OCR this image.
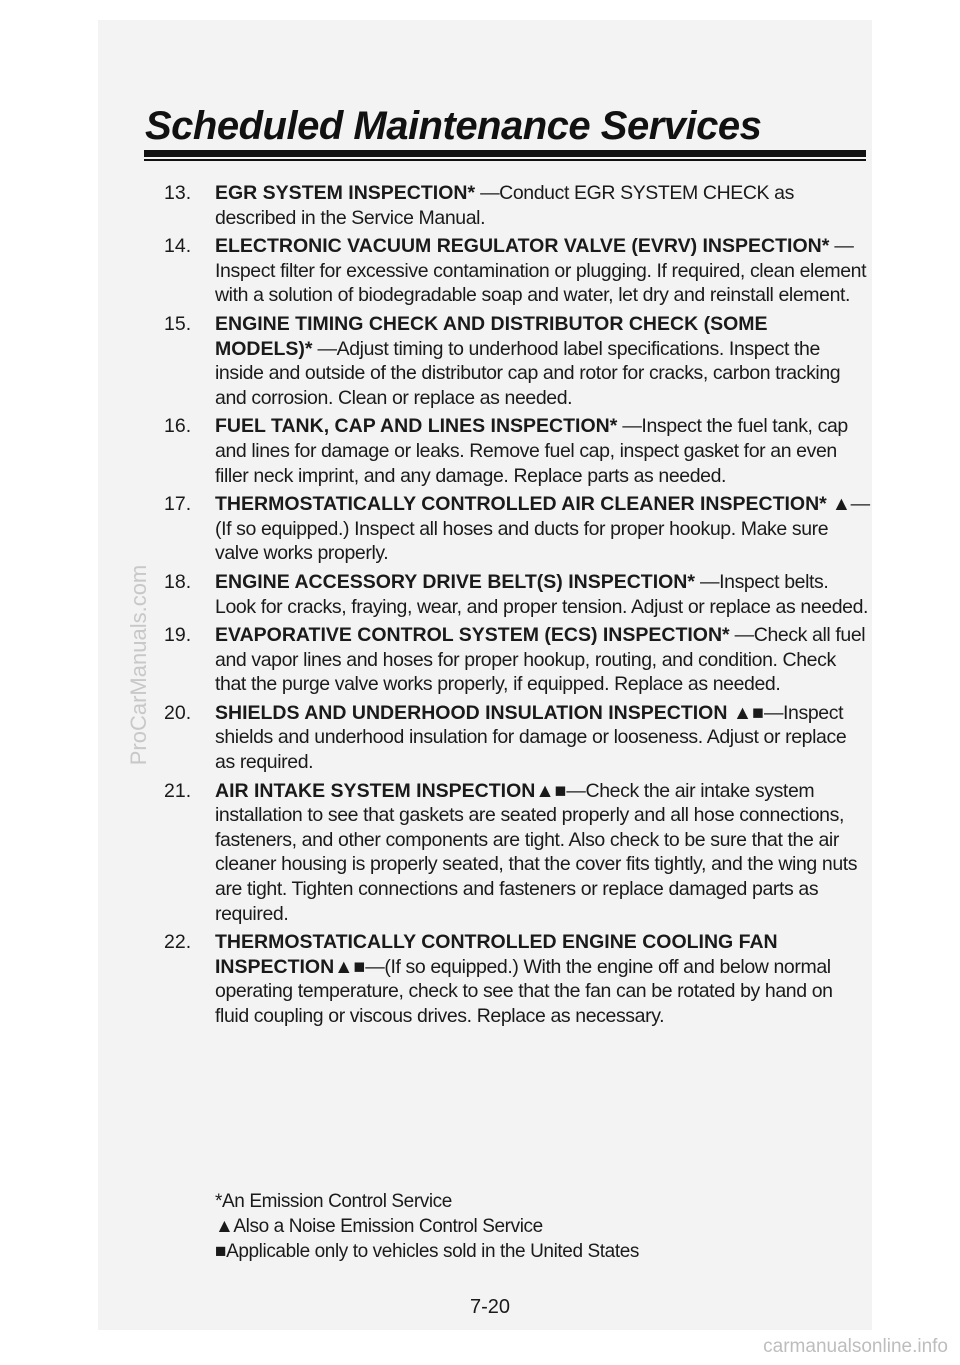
Scheduled Maintenance Services
13. EGR SYSTEM INSPECTION* —Conduct EGR SYSTEM CHECK as described in the Service Manual.
14. ELECTRONIC VACUUM REGULATOR VALVE (EVRV) INSPECTION* —Inspect filter for excessive contamination or plugging. If required, clean element with a solution of biodegradable soap and water, let dry and reinstall element.
15. ENGINE TIMING CHECK AND DISTRIBUTOR CHECK (SOME MODELS)* —Adjust timing to underhood label specifications. Inspect the inside and outside of the distributor cap and rotor for cracks, carbon tracking and corrosion. Clean or replace as needed.
16. FUEL TANK, CAP AND LINES INSPECTION* —Inspect the fuel tank, cap and lines for damage or leaks. Remove fuel cap, inspect gasket for an even filler neck imprint, and any damage. Replace parts as needed.
17. THERMOSTATICALLY CONTROLLED AIR CLEANER INSPECTION* ▲—(If so equipped.) Inspect all hoses and ducts for proper hookup. Make sure valve works properly.
18. ENGINE ACCESSORY DRIVE BELT(S) INSPECTION* —Inspect belts. Look for cracks, fraying, wear, and proper tension. Adjust or replace as needed.
19. EVAPORATIVE CONTROL SYSTEM (ECS) INSPECTION* —Check all fuel and vapor lines and hoses for proper hookup, routing, and condition. Check that the purge valve works properly, if equipped. Replace as needed.
20. SHIELDS AND UNDERHOOD INSULATION INSPECTION ▲■—Inspect shields and underhood insulation for damage or looseness. Adjust or replace as required.
21. AIR INTAKE SYSTEM INSPECTION▲■—Check the air intake system installation to see that gaskets are seated properly and all hose connections, fasteners, and other components are tight. Also check to be sure that the air cleaner housing is properly seated, that the cover fits tightly, and the wing nuts are tight. Tighten connections and fasteners or replace damaged parts as required.
22. THERMOSTATICALLY CONTROLLED ENGINE COOLING FAN INSPECTION▲■—(If so equipped.) With the engine off and below normal operating temperature, check to see that the fan can be rotated by hand on fluid coupling or viscous drives. Replace as necessary.
*An Emission Control Service
▲Also a Noise Emission Control Service
■Applicable only to vehicles sold in the United States
7-20
ProCarManuals.com
carmanualsonline.info
